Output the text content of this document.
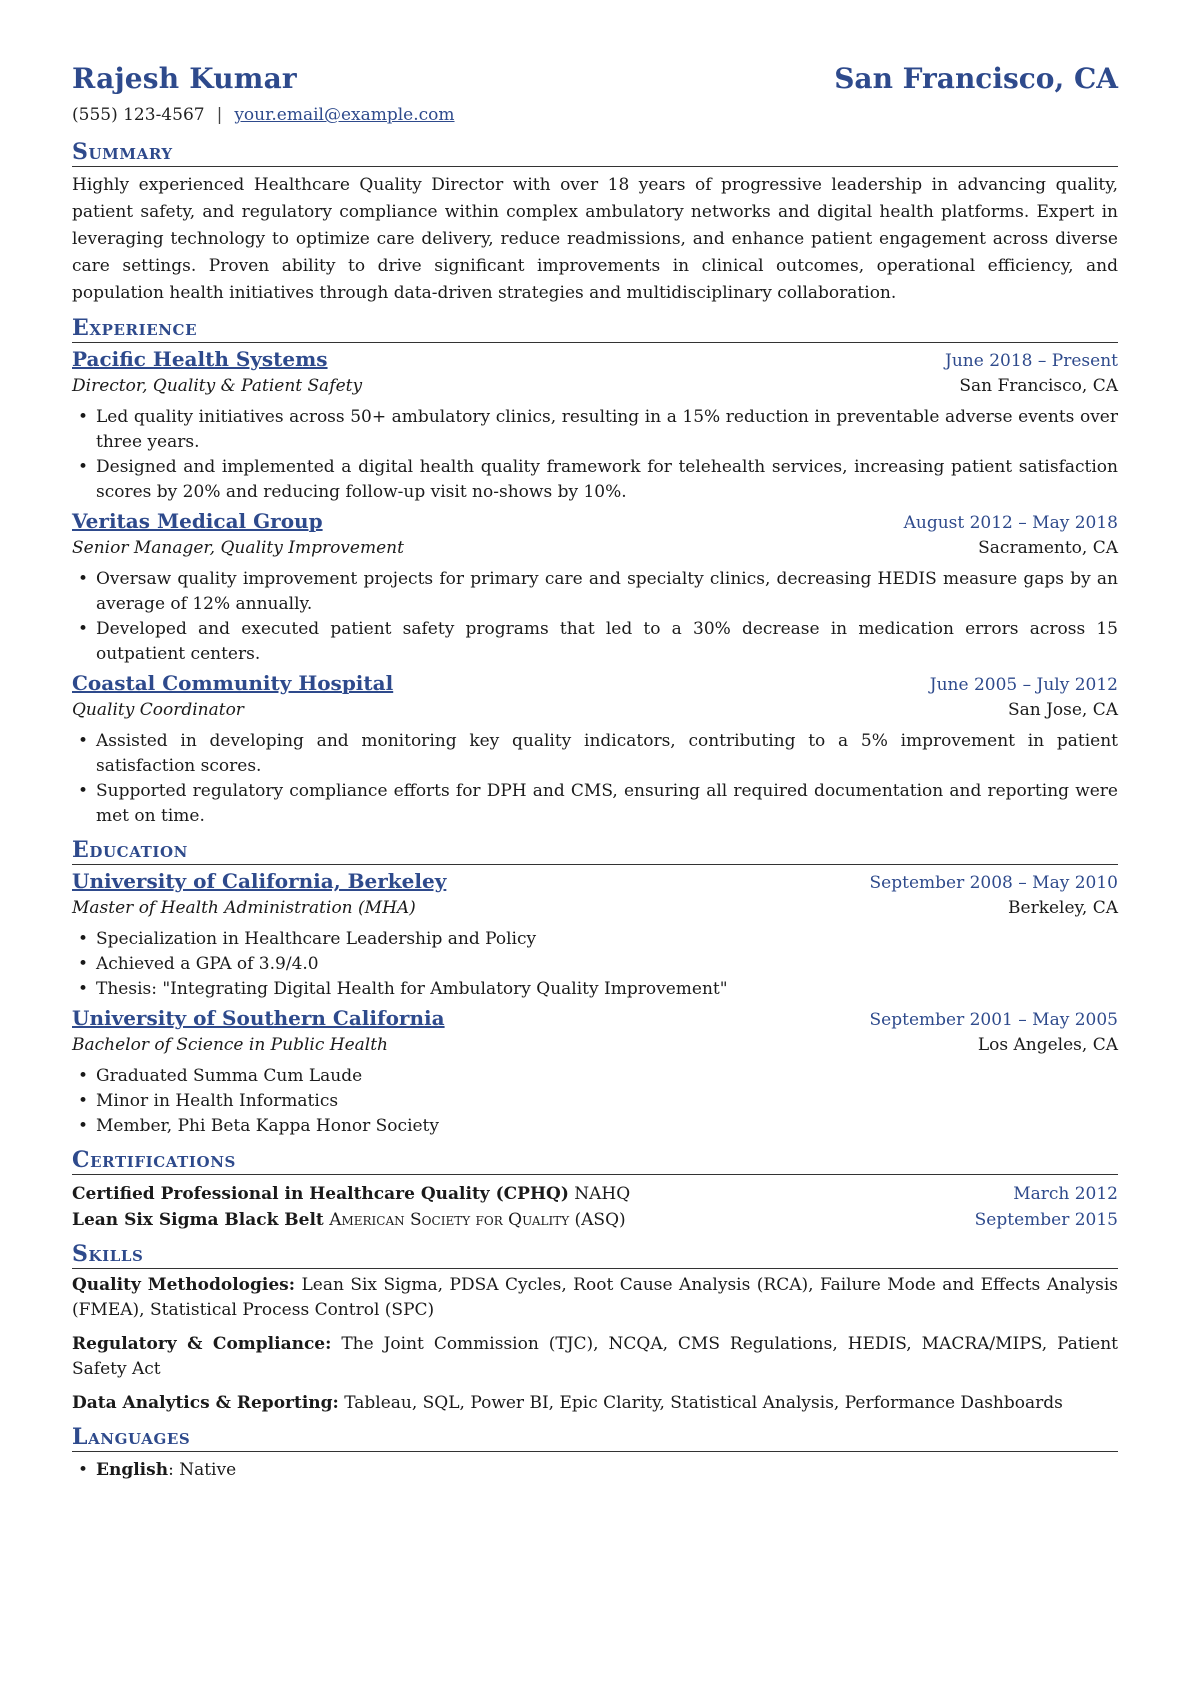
Rajesh Kumar	San Francisco, CA
(555) 123-4567 | your.email@example.com
Summary

Highly experienced Healthcare Quality Director with over 18 years of progressive leadership in advancing quality, patient safety, and regulatory compliance within complex ambulatory networks and digital health platforms. Expert in leveraging technology to optimize care delivery, reduce readmissions, and enhance patient engagement across diverse care settings. Proven ability to drive significant improvements in clinical outcomes, operational efficiency, and population health initiatives through data-driven strategies and multidisciplinary collaboration.

Experience
Pacific Health Systems	June 2018 – Present
Director, Quality & Patient Safety	San Francisco, CA
• Led quality initiatives across 50+ ambulatory clinics, resulting in a 15% reduction in preventable adverse events over three years.
• Designed and implemented a digital health quality framework for telehealth services, increasing patient satisfaction scores by 20% and reducing follow-up visit no-shows by 10%.
Veritas Medical Group	August 2012 – May 2018
Senior Manager, Quality Improvement	Sacramento, CA
• Oversaw quality improvement projects for primary care and specialty clinics, decreasing HEDIS measure gaps by an average of 12% annually.
• Developed and executed patient safety programs that led to a 30% decrease in medication errors across 15 outpatient centers.
Coastal Community Hospital	June 2005 – July 2012
Quality Coordinator	San Jose, CA
• Assisted in developing and monitoring key quality indicators, contributing to a 5% improvement in patient satisfaction scores.
• Supported regulatory compliance efforts for DPH and CMS, ensuring all required documentation and reporting were met on time.
Education
University of California, Berkeley	September 2008 – May 2010
Master of Health Administration (MHA)	Berkeley, CA
• Specialization in Healthcare Leadership and Policy
• Achieved a GPA of 3.9/4.0
• Thesis: "Integrating Digital Health for Ambulatory Quality Improvement"
University of Southern California	September 2001 – May 2005
Bachelor of Science in Public Health	Los Angeles, CA
• Graduated Summa Cum Laude
• Minor in Health Informatics
• Member, Phi Beta Kappa Honor Society
Certifications
Certified Professional in Healthcare Quality (CPHQ) NAHQ	March 2012
Lean Six Sigma Black Belt American Society for Quality (ASQ)	September 2015
Skills

Quality Methodologies: Lean Six Sigma, PDSA Cycles, Root Cause Analysis (RCA), Failure Mode and Effects Analysis (FMEA), Statistical Process Control (SPC)

Regulatory & Compliance: The Joint Commission (TJC), NCQA, CMS Regulations, HEDIS, MACRA/MIPS, Patient Safety Act

Data Analytics & Reporting: Tableau, SQL, Power BI, Epic Clarity, Statistical Analysis, Performance Dashboards

Languages
• English: Native
